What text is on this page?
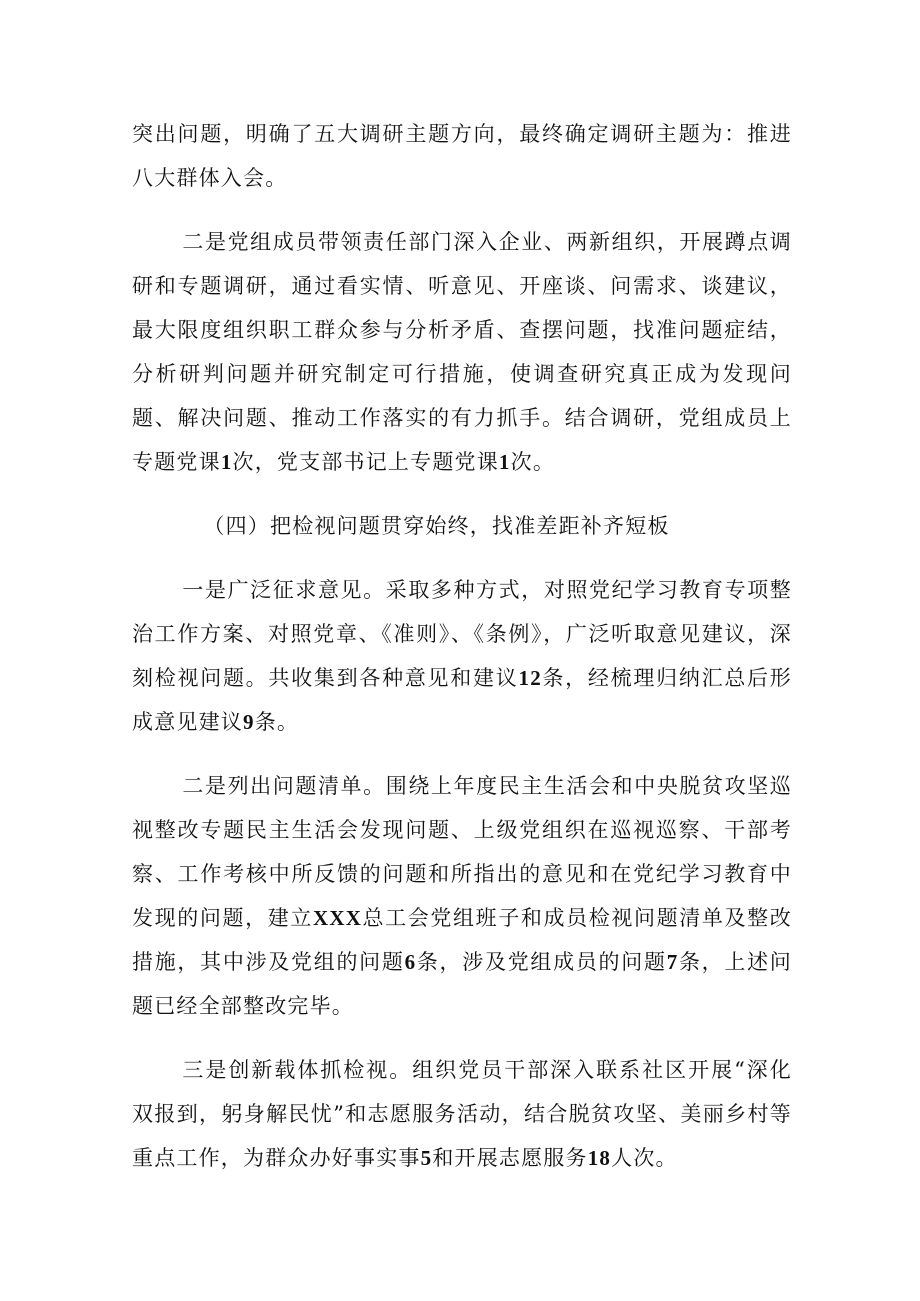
突出问题，明确了五大调研主题方向，最终确定调研主题为：推进八大群体入会。

二是党组成员带领责任部门深入企业、两新组织，开展蹲点调研和专题调研，通过看实情、听意见、开座谈、问需求、谈建议，最大限度组织职工群众参与分析矛盾、查摆问题，找准问题症结，分析研判问题并研究制定可行措施，使调查研究真正成为发现问题、解决问题、推动工作落实的有力抓手。结合调研，党组成员上专题党课1次，党支部书记上专题党课1次。

（四）把检视问题贯穿始终，找准差距补齐短板

一是广泛征求意见。采取多种方式，对照党纪学习教育专项整治工作方案、对照党章、《准则》、《条例》，广泛听取意见建议，深刻检视问题。共收集到各种意见和建议12条，经梳理归纳汇总后形成意见建议9条。

二是列出问题清单。围绕上年度民主生活会和中央脱贫攻坚巡视整改专题民主生活会发现问题、上级党组织在巡视巡察、干部考察、工作考核中所反馈的问题和所指出的意见和在党纪学习教育中发现的问题，建立XXX总工会党组班子和成员检视问题清单及整改措施，其中涉及党组的问题6条，涉及党组成员的问题7条，上述问题已经全部整改完毕。

三是创新载体抓检视。组织党员干部深入联系社区开展“深化双报到，躬身解民忧”和志愿服务活动，结合脱贫攻坚、美丽乡村等重点工作，为群众办好事实事5和开展志愿服务18人次。
